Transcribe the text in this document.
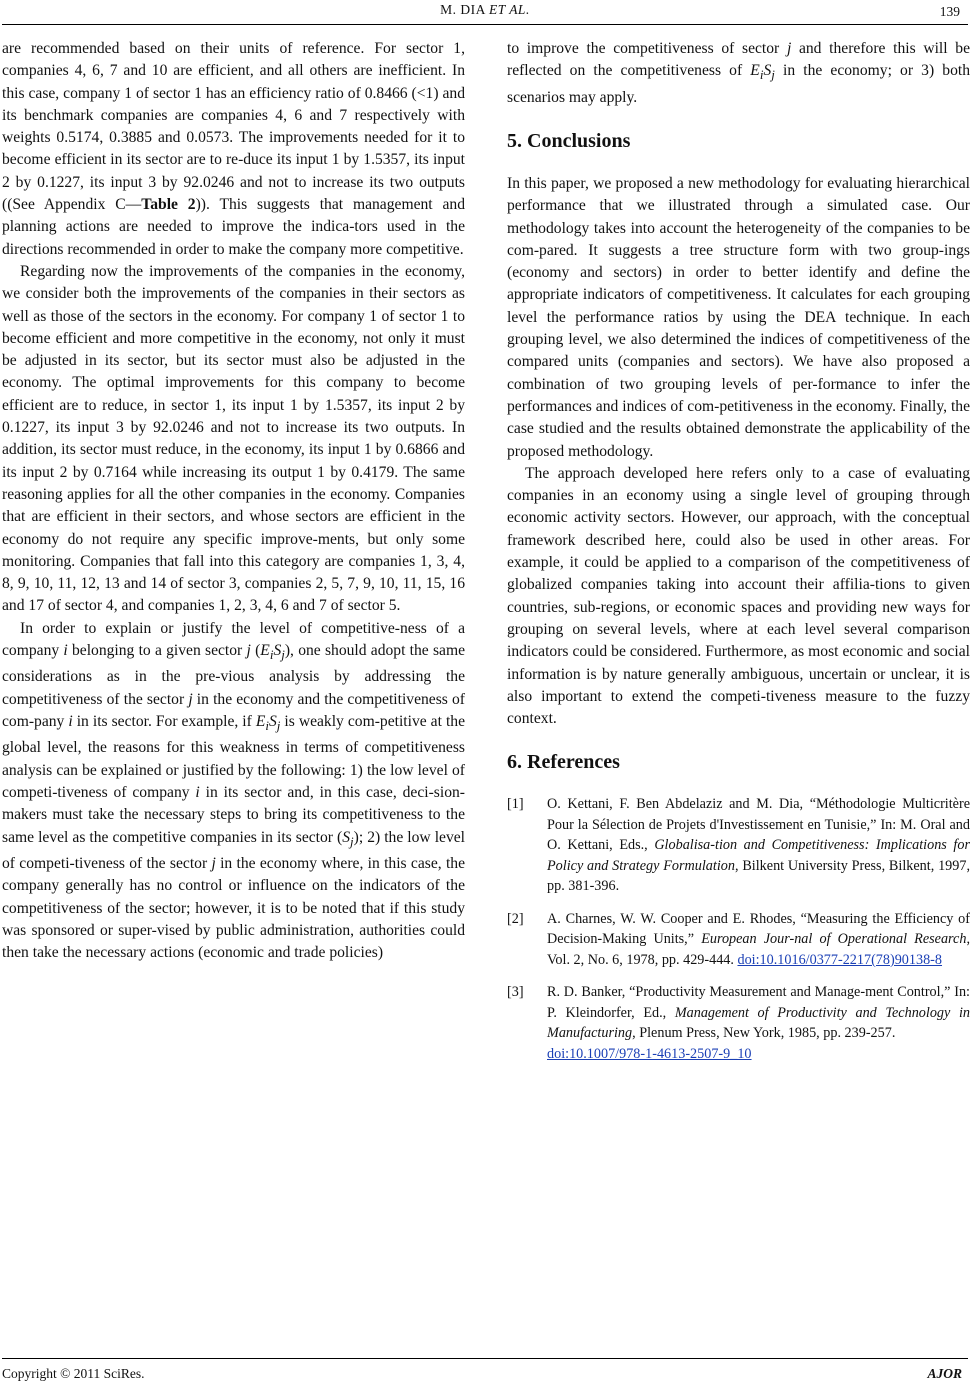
M. DIA ET AL.	139

are recommended based on their units of reference. For sector 1, companies 4, 6, 7 and 10 are efficient, and all others are inefficient. In this case, company 1 of sector 1 has an efficiency ratio of 0.8466 (<1) and its benchmark companies are companies 4, 6 and 7 respectively with weights 0.5174, 0.3885 and 0.0573. The improvements needed for it to become efficient in its sector are to re-duce its input 1 by 1.5357, its input 2 by 0.1227, its input 3 by 92.0246 and not to increase its two outputs ((See Appendix C—Table 2)). This suggests that management and planning actions are needed to improve the indica-tors used in the directions recommended in order to make the company more competitive.

Regarding now the improvements of the companies in the economy, we consider both the improvements of the companies in their sectors as well as those of the sectors in the economy. For company 1 of sector 1 to become efficient and more competitive in the economy, not only it must be adjusted in its sector, but its sector must also be adjusted in the economy. The optimal improvements for this company to become efficient are to reduce, in sector 1, its input 1 by 1.5357, its input 2 by 0.1227, its input 3 by 92.0246 and not to increase its two outputs. In addition, its sector must reduce, in the economy, its input 1 by 0.6866 and its input 2 by 0.7164 while increasing its output 1 by 0.4179. The same reasoning applies for all the other companies in the economy. Companies that are efficient in their sectors, and whose sectors are efficient in the economy do not require any specific improve-ments, but only some monitoring. Companies that fall into this category are companies 1, 3, 4, 8, 9, 10, 11, 12, 13 and 14 of sector 3, companies 2, 5, 7, 9, 10, 11, 15, 16 and 17 of sector 4, and companies 1, 2, 3, 4, 6 and 7 of sector 5.

In order to explain or justify the level of competitive-ness of a company i belonging to a given sector j $(E_iS_j)$, one should adopt the same considerations as in the pre-vious analysis by addressing the competitiveness of the sector j in the economy and the competitiveness of com-pany i in its sector. For example, if $E_iS_j$ is weakly com-petitive at the global level, the reasons for this weakness in terms of competitiveness analysis can be explained or justified by the following: 1) the low level of competi-tiveness of company i in its sector and, in this case, deci-sion-makers must take the necessary steps to bring its competitiveness to the same level as the competitive companies in its sector $(S_j)$; 2) the low level of competi-tiveness of the sector j in the economy where, in this case, the company generally has no control or influence on the indicators of the competitiveness of the sector; however, it is to be noted that if this study was sponsored or super-vised by public administration, authorities could then take the necessary actions (economic and trade policies)

to improve the competitiveness of sector j and therefore this will be reflected on the competitiveness of $E_iS_j$ in the economy; or 3) both scenarios may apply.

5. Conclusions

In this paper, we proposed a new methodology for evaluating hierarchical performance that we illustrated through a simulated case. Our methodology takes into account the heterogeneity of the companies to be com-pared. It suggests a tree structure form with two group-ings (economy and sectors) in order to better identify and define the appropriate indicators of competitiveness. It calculates for each grouping level the performance ratios by using the DEA technique. In each grouping level, we also determined the indices of competitiveness of the compared units (companies and sectors). We have also proposed a combination of two grouping levels of per-formance to infer the performances and indices of com-petitiveness in the economy. Finally, the case studied and the results obtained demonstrate the applicability of the proposed methodology.

The approach developed here refers only to a case of evaluating companies in an economy using a single level of grouping through economic activity sectors. However, our approach, with the conceptual framework described here, could also be used in other areas. For example, it could be applied to a comparison of the competitiveness of globalized companies taking into account their affilia-tions to given countries, sub-regions, or economic spaces and providing new ways for grouping on several levels, where at each level several comparison indicators could be considered. Furthermore, as most economic and social information is by nature generally ambiguous, uncertain or unclear, it is also important to extend the competi-tiveness measure to the fuzzy context.

6. References
[1]	O. Kettani, F. Ben Abdelaziz and M. Dia, “Méthodologie Multicritère Pour la Sélection de Projets d'Investissement en Tunisie,” In: M. Oral and O. Kettani, Eds., Globalisa-tion and Competitiveness: Implications for Policy and Strategy Formulation, Bilkent University Press, Bilkent, 1997, pp. 381-396.
[2]	A. Charnes, W. W. Cooper and E. Rhodes, “Measuring the Efficiency of Decision-Making Units,” European Jour-nal of Operational Research, Vol. 2, No. 6, 1978, pp. 429-444. doi:10.1016/0377-2217(78)90138-8
[3]	R. D. Banker, “Productivity Measurement and Manage-ment Control,” In: P. Kleindorfer, Ed., Management of Productivity and Technology in Manufacturing, Plenum Press, New York, 1985, pp. 239-257.
doi:10.1007/978-1-4613-2507-9_10
Copyright © 2011 SciRes.	AJOR
